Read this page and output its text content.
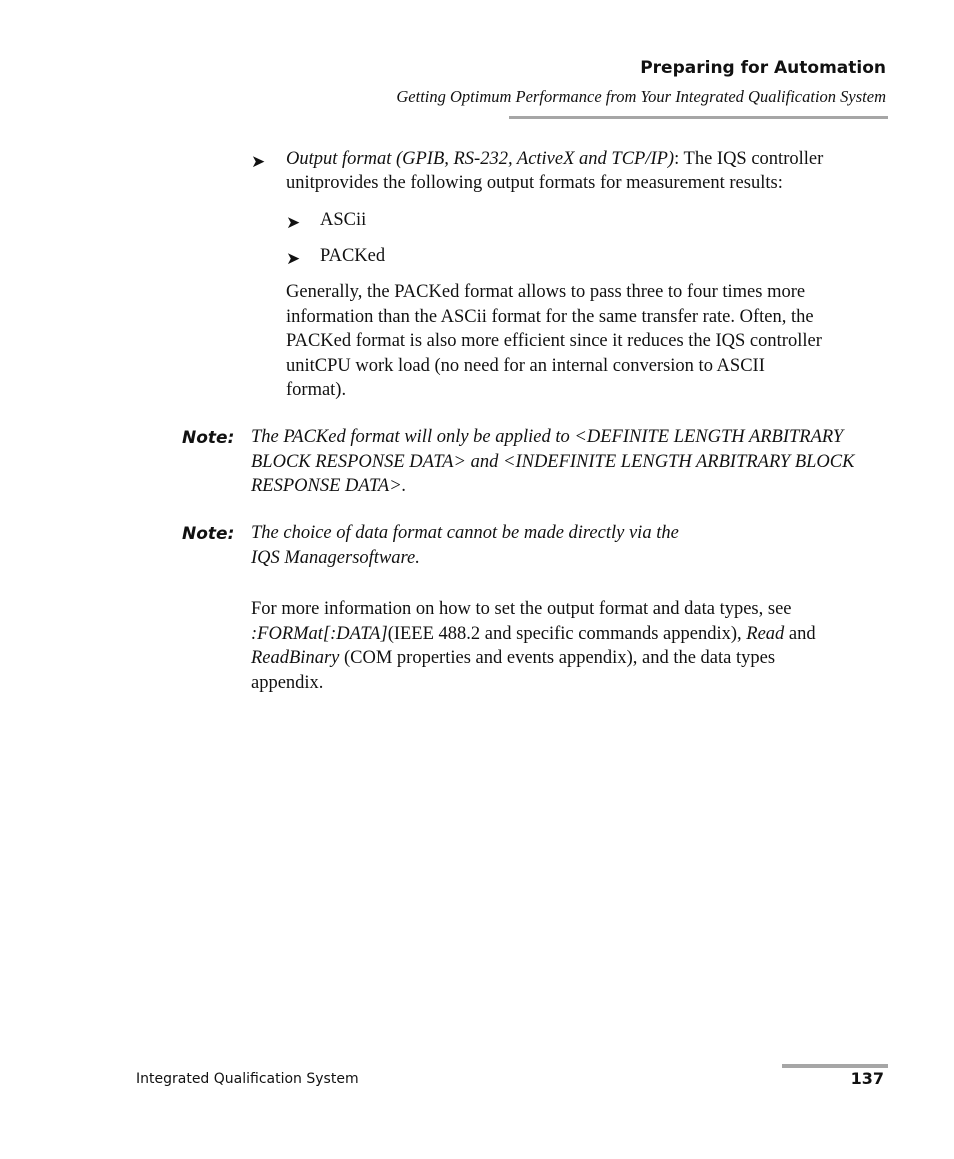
Preparing for Automation
Getting Optimum Performance from Your Integrated Qualification System
➤ Output format (GPIB, RS-232, ActiveX and TCP/IP): The IQS controller
unitprovides the following output formats for measurement results:
➤ ASCii
➤ PACKed
Generally, the PACKed format allows to pass three to four times more
information than the ASCii format for the same transfer rate. Often, the
PACKed format is also more efficient since it reduces the IQS controller
unitCPU work load (no need for an internal conversion to ASCII
format).
Note: The PACKed format will only be applied to <DEFINITE LENGTH ARBITRARY
BLOCK RESPONSE DATA> and <INDEFINITE LENGTH ARBITRARY BLOCK
RESPONSE DATA>.
Note: The choice of data format cannot be made directly via the
IQS Managersoftware.
For more information on how to set the output format and data types, see
:FORMat[:DATA](IEEE 488.2 and specific commands appendix), Read and
ReadBinary (COM properties and events appendix), and the data types
appendix.
Integrated Qualification System	137
